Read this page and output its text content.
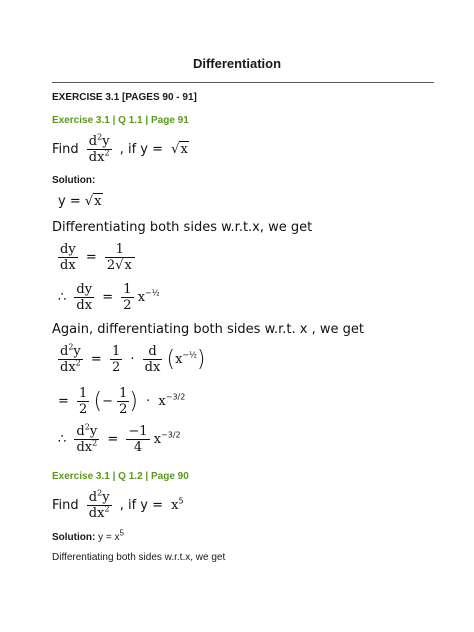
Differentiation
EXERCISE 3.1 [PAGES 90 - 91]
Exercise 3.1 | Q 1.1 | Page 91
Find $\frac{d^2y}{dx^2}$ , if y = √x
Solution:
y = √x
Differentiating both sides w.r.t.x, we get
$\frac{dy}{dx} = \frac{1}{2√x}$
∴ $\frac{dy}{dx} = \frac{1}{2} x^{-\frac{1}{2}}$
Again, differentiating both sides w.r.t. x , we get
$\frac{d^2y}{dx^2} = \frac{1}{2} \cdot \frac{d}{dx} (x^{-\frac{1}{2}})$
= $\frac{1}{2}$ (− $\frac{1}{2}$ ) · $x^{-3/2}$
∴ $\frac{d^2y}{dx^2} = \frac{-1}{4} x^{-3/2}$
Exercise 3.1 | Q 1.2 | Page 90
Find $\frac{d^2y}{dx^2}$ , if $y = x^5$
Solution: $y = x^5$
Differentiating both sides w.r.t.x, we get
